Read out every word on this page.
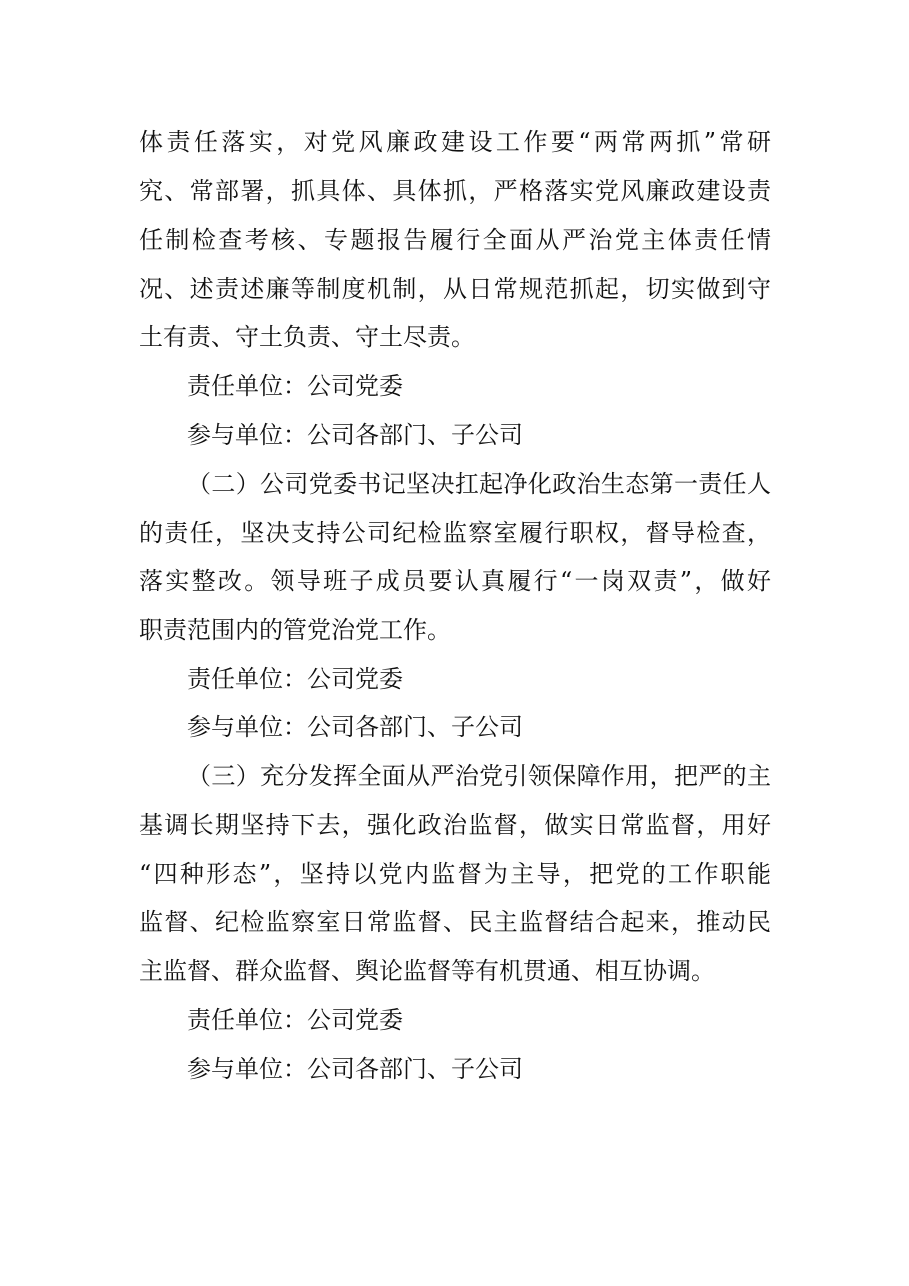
体责任落实，对党风廉政建设工作要“两常两抓”常研
究、常部署，抓具体、具体抓，严格落实党风廉政建设责
任制检查考核、专题报告履行全面从严治党主体责任情
况、述责述廉等制度机制，从日常规范抓起，切实做到守
土有责、守土负责、守土尽责。
责任单位：公司党委
参与单位：公司各部门、子公司
（二）公司党委书记坚决扛起净化政治生态第一责任人
的责任，坚决支持公司纪检监察室履行职权，督导检查，
落实整改。领导班子成员要认真履行“一岗双责”，做好
职责范围内的管党治党工作。
责任单位：公司党委
参与单位：公司各部门、子公司
（三）充分发挥全面从严治党引领保障作用，把严的主
基调长期坚持下去，强化政治监督，做实日常监督，用好
“四种形态”，坚持以党内监督为主导，把党的工作职能
监督、纪检监察室日常监督、民主监督结合起来，推动民
主监督、群众监督、舆论监督等有机贯通、相互协调。
责任单位：公司党委
参与单位：公司各部门、子公司
